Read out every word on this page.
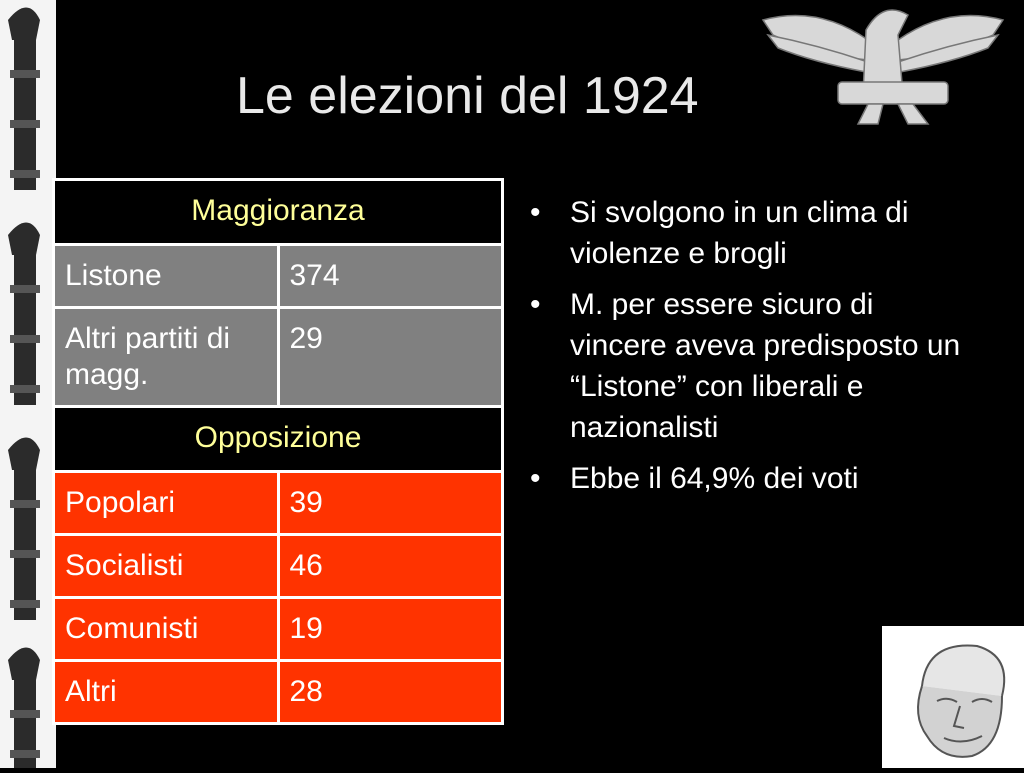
Le elezioni del 1924
Maggioranza	
Listone	374
Altri partiti di magg.	29
Opposizione	
Popolari	39
Socialisti	46
Comunisti	19
Altri	28
• Si svolgono in un clima di violenze e brogli
• M. per essere sicuro di vincere aveva predisposto un “Listone” con liberali e nazionalisti
• Ebbe il 64,9% dei voti
